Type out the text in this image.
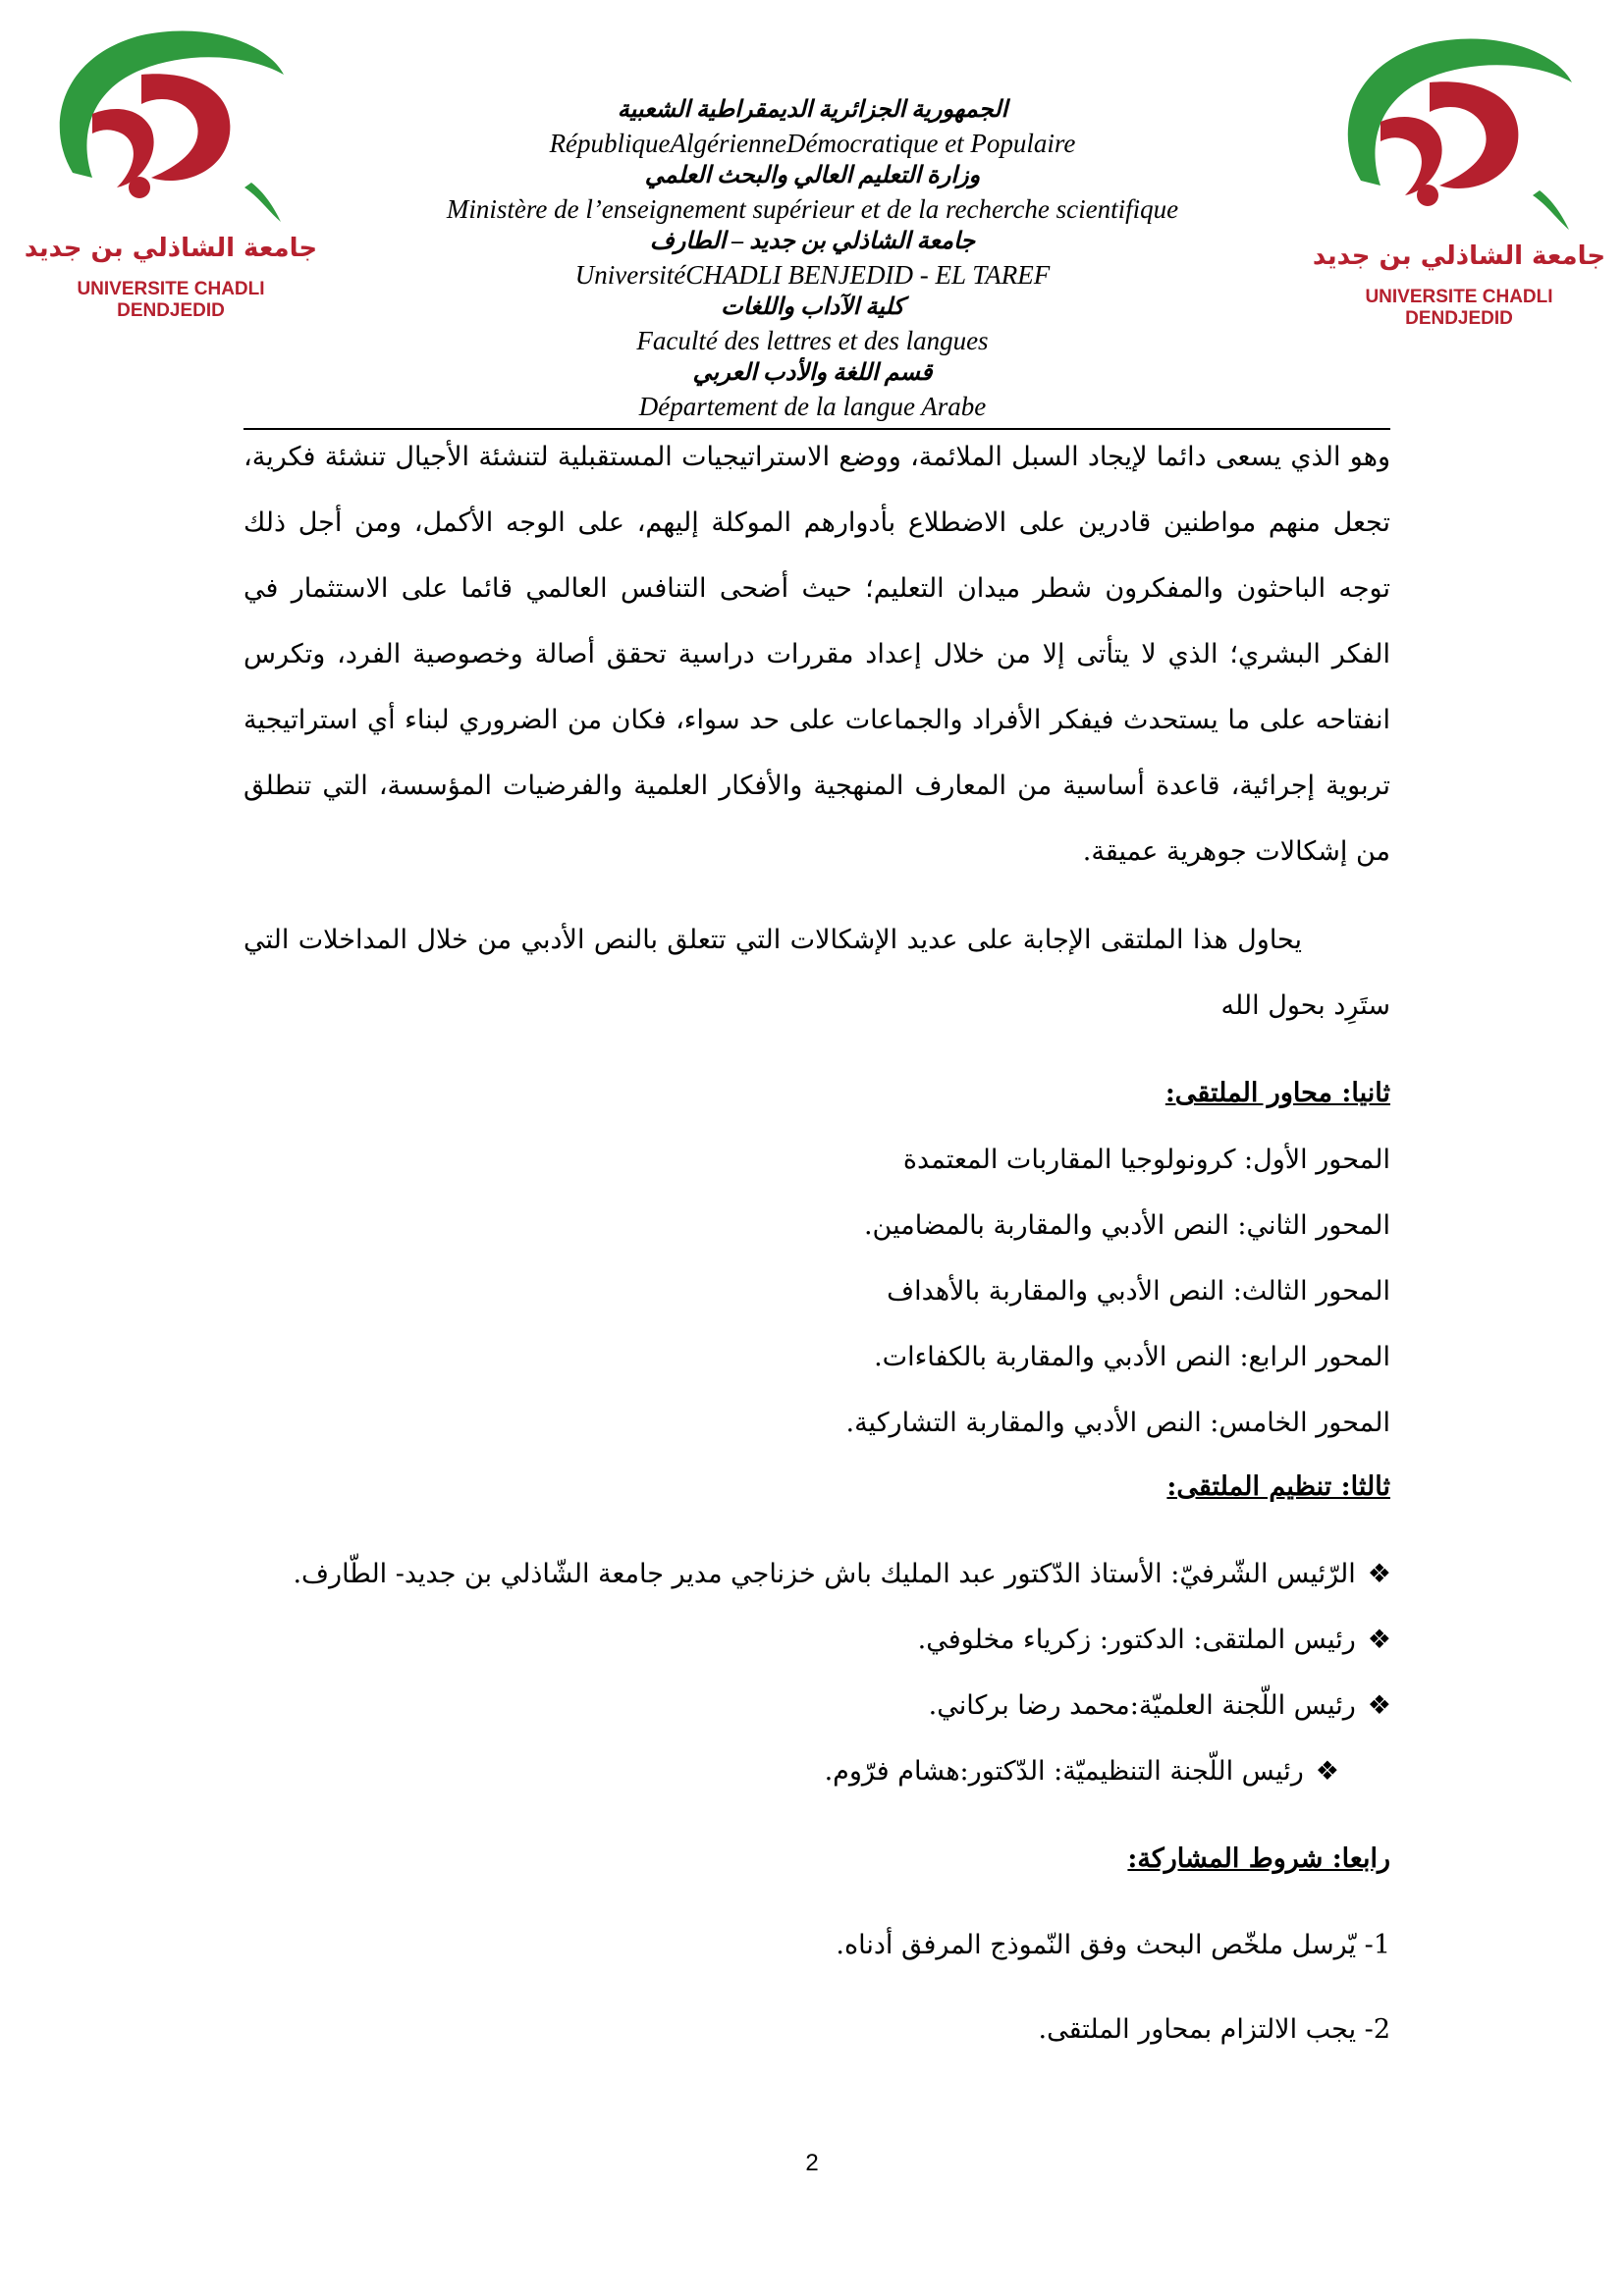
جامعة الشاذلي بن جديد
UNIVERSITE CHADLI DENDJEDID
جامعة الشاذلي بن جديد
UNIVERSITE CHADLI DENDJEDID
الجمهورية الجزائرية الديمقراطية الشعبية
RépubliqueAlgérienneDémocratique et Populaire
وزارة التعليم العالي والبحث العلمي
Ministère de l’enseignement supérieur et de la recherche scientifique
جامعة الشاذلي بن جديد – الطارف
UniversitéCHADLI BENJEDID - EL TAREF
كلية الآداب واللغات
Faculté des lettres et des langues
قسم اللغة والأدب العربي
Département de la langue Arabe

وهو الذي يسعى دائما لإيجاد السبل الملائمة، ووضع الاستراتيجيات المستقبلية لتنشئة الأجيال تنشئة فكرية، تجعل منهم مواطنين قادرين على الاضطلاع بأدوارهم الموكلة إليهم، على الوجه الأكمل، ومن أجل ذلك توجه الباحثون والمفكرون شطر ميدان التعليم؛ حيث أضحى التنافس العالمي قائما على الاستثمار في الفكر البشري؛ الذي لا يتأتى إلا من خلال إعداد مقررات دراسية تحقق أصالة وخصوصية الفرد، وتكرس انفتاحه على ما يستحدث فيفكر الأفراد والجماعات على حد سواء، فكان من الضروري لبناء أي استراتيجية تربوية إجرائية، قاعدة أساسية من المعارف المنهجية والأفكار العلمية والفرضيات المؤسسة، التي تنطلق من إشكالات جوهرية عميقة.

يحاول هذا الملتقى الإجابة على عديد الإشكالات التي تتعلق بالنص الأدبي من خلال المداخلات التي ستَرِد بحول الله

ثانيا: محاور الملتقى:
المحور الأول: كرونولوجيا المقاربات المعتمدة
المحور الثاني: النص الأدبي والمقاربة بالمضامين.
المحور الثالث: النص الأدبي والمقاربة بالأهداف
المحور الرابع: النص الأدبي والمقاربة بالكفاءات.
المحور الخامس: النص الأدبي والمقاربة التشاركية.
ثالثا: تنظيم الملتقى:
❖الرّئيس الشّرفيّ: الأستاذ الدّكتور عبد المليك باش خزناجي مدير جامعة الشّاذلي بن جديد- الطّارف.
❖رئيس الملتقى: الدكتور: زكرياء مخلوفي.
❖رئيس اللّجنة العلميّة:محمد رضا بركاني.
❖رئيس اللّجنة التنظيميّة: الدّكتور:هشام فرّوم.
رابعا: شروط المشاركة:
1- يّرسل ملخّص البحث وفق النّموذج المرفق أدناه.
2- يجب الالتزام بمحاور الملتقى.
2
